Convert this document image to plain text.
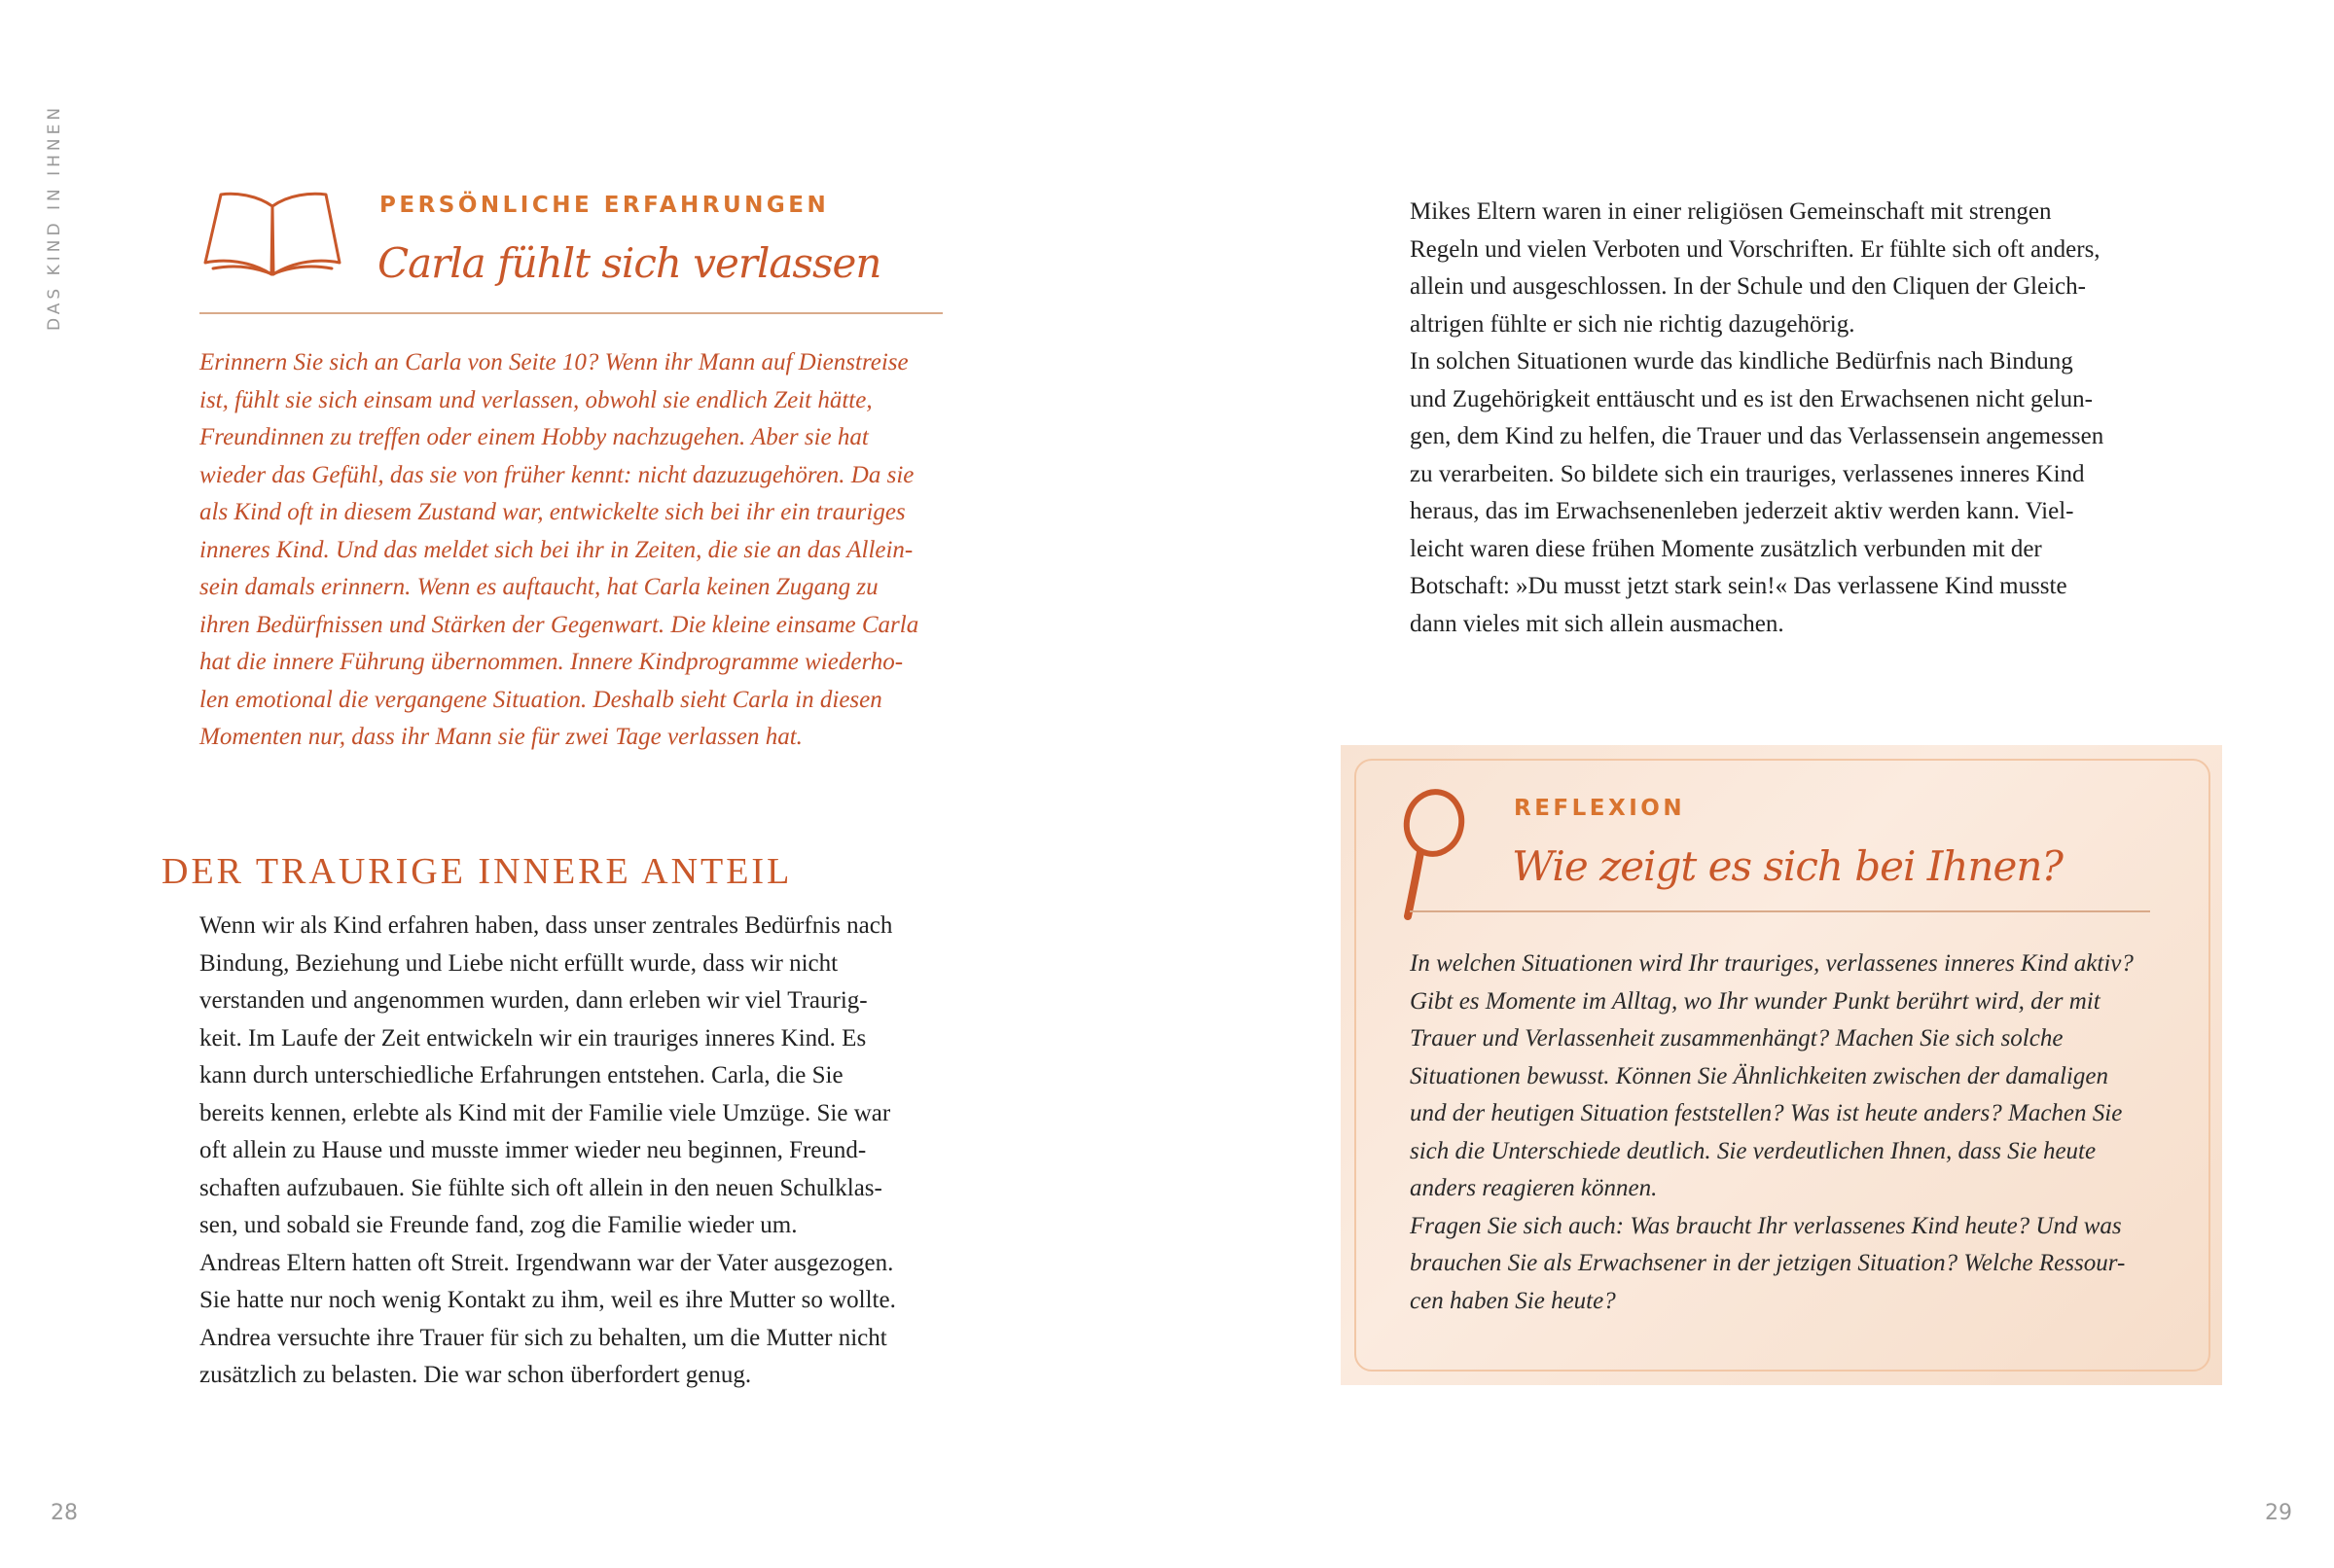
DAS KIND IN IHNEN
28	29
PERSÖNLICHE ERFAHRUNGEN
Carla fühlt sich verlassen
Erinnern Sie sich an Carla von Seite 10? Wenn ihr Mann auf Dienstreise
ist, fühlt sie sich einsam und verlassen, obwohl sie endlich Zeit hätte,
Freundinnen zu treffen oder einem Hobby nachzugehen. Aber sie hat
wieder das Gefühl, das sie von früher kennt: nicht dazuzugehören. Da sie
als Kind oft in diesem Zustand war, entwickelte sich bei ihr ein trauriges
inneres Kind. Und das meldet sich bei ihr in Zeiten, die sie an das Allein-
sein damals erinnern. Wenn es auftaucht, hat Carla keinen Zugang zu
ihren Bedürfnissen und Stärken der Gegenwart. Die kleine einsame Carla
hat die innere Führung übernommen. Innere Kindprogramme wiederho-
len emotional die vergangene Situation. Deshalb sieht Carla in diesen
Momenten nur, dass ihr Mann sie für zwei Tage verlassen hat.
DER TRAURIGE INNERE ANTEIL
Wenn wir als Kind erfahren haben, dass unser zentrales Bedürfnis nach
Bindung, Beziehung und Liebe nicht erfüllt wurde, dass wir nicht
verstanden und angenommen wurden, dann erleben wir viel Traurig-
keit. Im Laufe der Zeit entwickeln wir ein trauriges inneres Kind. Es
kann durch unterschiedliche Erfahrungen entstehen. Carla, die Sie
bereits kennen, erlebte als Kind mit der Familie viele Umzüge. Sie war
oft allein zu Hause und musste immer wieder neu beginnen, Freund-
schaften aufzubauen. Sie fühlte sich oft allein in den neuen Schulklas-
sen, und sobald sie Freunde fand, zog die Familie wieder um.
Andreas Eltern hatten oft Streit. Irgendwann war der Vater ausgezogen.
Sie hatte nur noch wenig Kontakt zu ihm, weil es ihre Mutter so wollte.
Andrea versuchte ihre Trauer für sich zu behalten, um die Mutter nicht
zusätzlich zu belasten. Die war schon überfordert genug.
Mikes Eltern waren in einer religiösen Gemeinschaft mit strengen
Regeln und vielen Verboten und Vorschriften. Er fühlte sich oft anders,
allein und ausgeschlossen. In der Schule und den Cliquen der Gleich-
altrigen fühlte er sich nie richtig dazugehörig.
In solchen Situationen wurde das kindliche Bedürfnis nach Bindung
und Zugehörigkeit enttäuscht und es ist den Erwachsenen nicht gelun-
gen, dem Kind zu helfen, die Trauer und das Verlassensein angemessen
zu verarbeiten. So bildete sich ein trauriges, verlassenes inneres Kind
heraus, das im Erwachsenenleben jederzeit aktiv werden kann. Viel-
leicht waren diese frühen Momente zusätzlich verbunden mit der
Botschaft: »Du musst jetzt stark sein!« Das verlassene Kind musste
dann vieles mit sich allein ausmachen.
REFLEXION
Wie zeigt es sich bei Ihnen?
In welchen Situationen wird Ihr trauriges, verlassenes inneres Kind aktiv?
Gibt es Momente im Alltag, wo Ihr wunder Punkt berührt wird, der mit
Trauer und Verlassenheit zusammenhängt? Machen Sie sich solche
Situationen bewusst. Können Sie Ähnlichkeiten zwischen der damaligen
und der heutigen Situation feststellen? Was ist heute anders? Machen Sie
sich die Unterschiede deutlich. Sie verdeutlichen Ihnen, dass Sie heute
anders reagieren können.
Fragen Sie sich auch: Was braucht Ihr verlassenes Kind heute? Und was
brauchen Sie als Erwachsener in der jetzigen Situation? Welche Ressour-
cen haben Sie heute?
